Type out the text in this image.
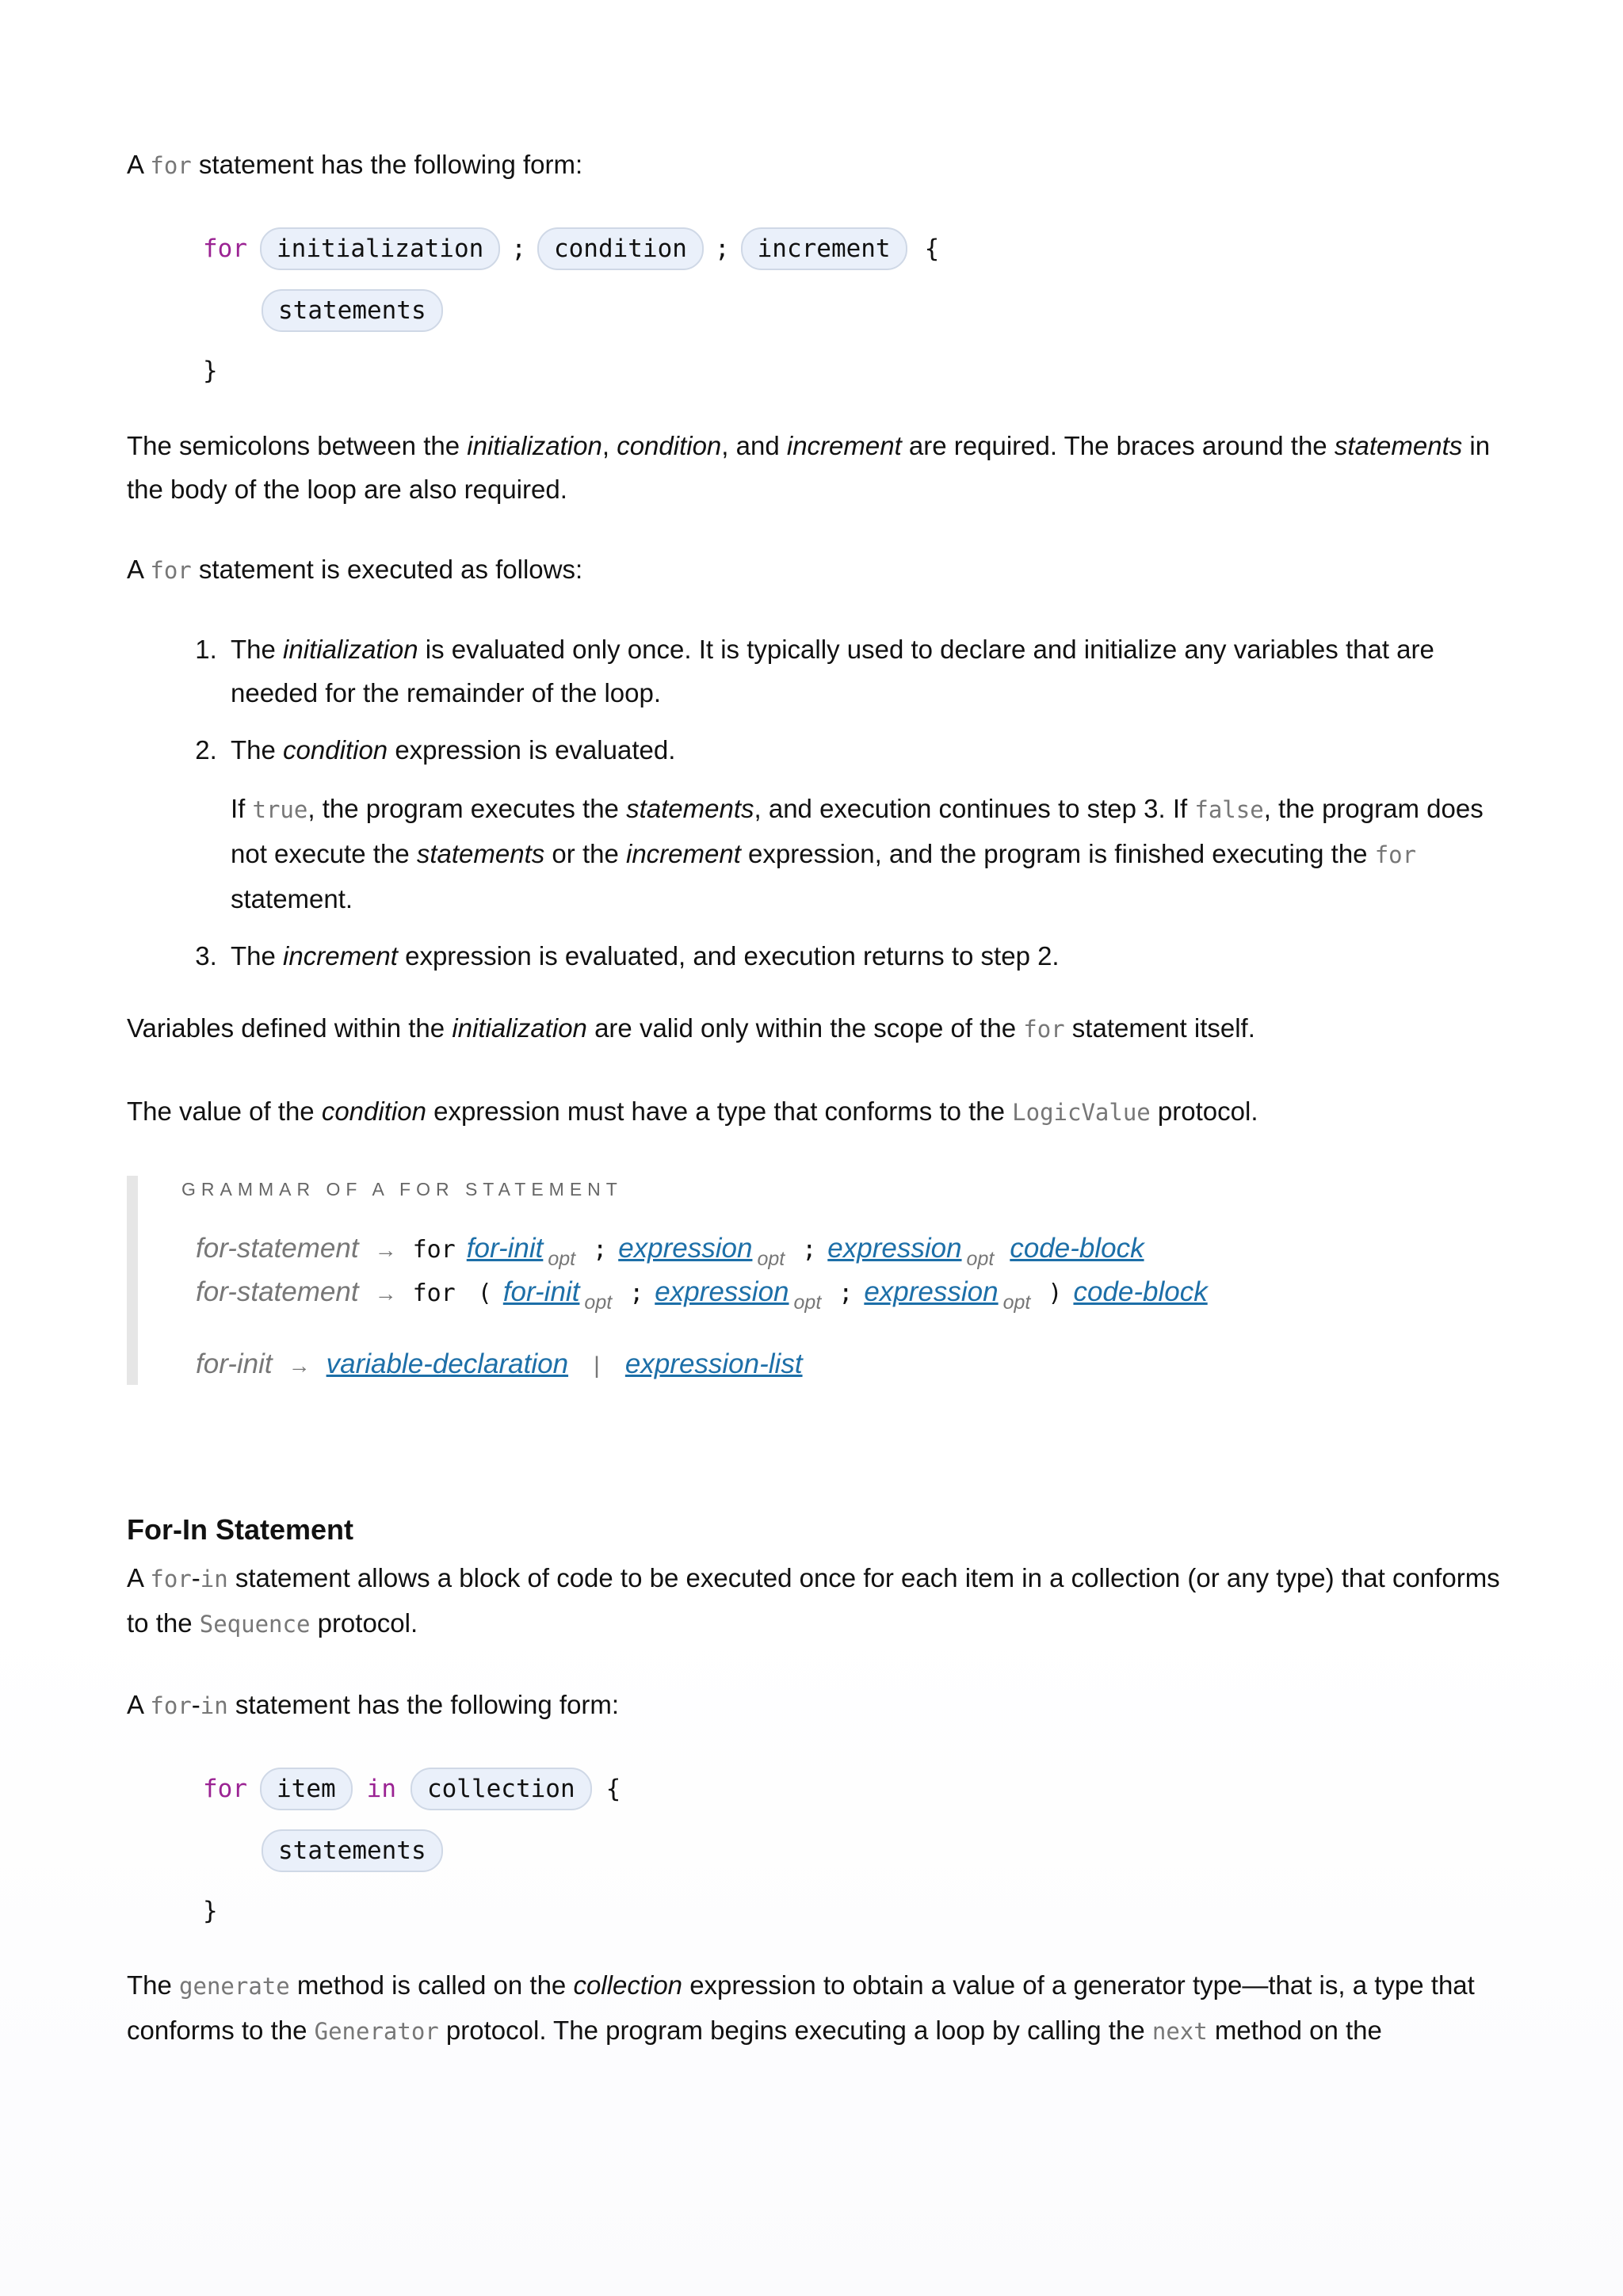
A for statement has the following form:

for	initialization	;	condition	;	increment	{
statements
}

The semicolons between the initialization, condition, and increment are required. The braces around the statements in the body of the loop are also required.

A for statement is executed as follows:

1. The initialization is evaluated only once. It is typically used to declare and initialize any variables that are needed for the remainder of the loop.
2. The condition expression is evaluated.
If true, the program executes the statements, and execution continues to step 3. If false, the program does not execute the statements or the increment expression, and the program is finished executing the for statement.
3. The increment expression is evaluated, and execution returns to step 2.

Variables defined within the initialization are valid only within the scope of the for statement itself.

The value of the condition expression must have a type that conforms to the LogicValue protocol.

GRAMMAR OF A FOR STATEMENT
for-statement → for for-init opt ; expression opt ; expression opt code-block
for-statement → for ( for-init opt ; expression opt ; expression opt ) code-block
for-init → variable-declaration | expression-list
For-In Statement

A for-in statement allows a block of code to be executed once for each item in a collection (or any type) that conforms to the Sequence protocol.

A for-in statement has the following form:

for	item	in	collection	{
statements
}

The generate method is called on the collection expression to obtain a value of a generator type—that is, a type that conforms to the Generator protocol. The program begins executing a loop by calling the next method on the
